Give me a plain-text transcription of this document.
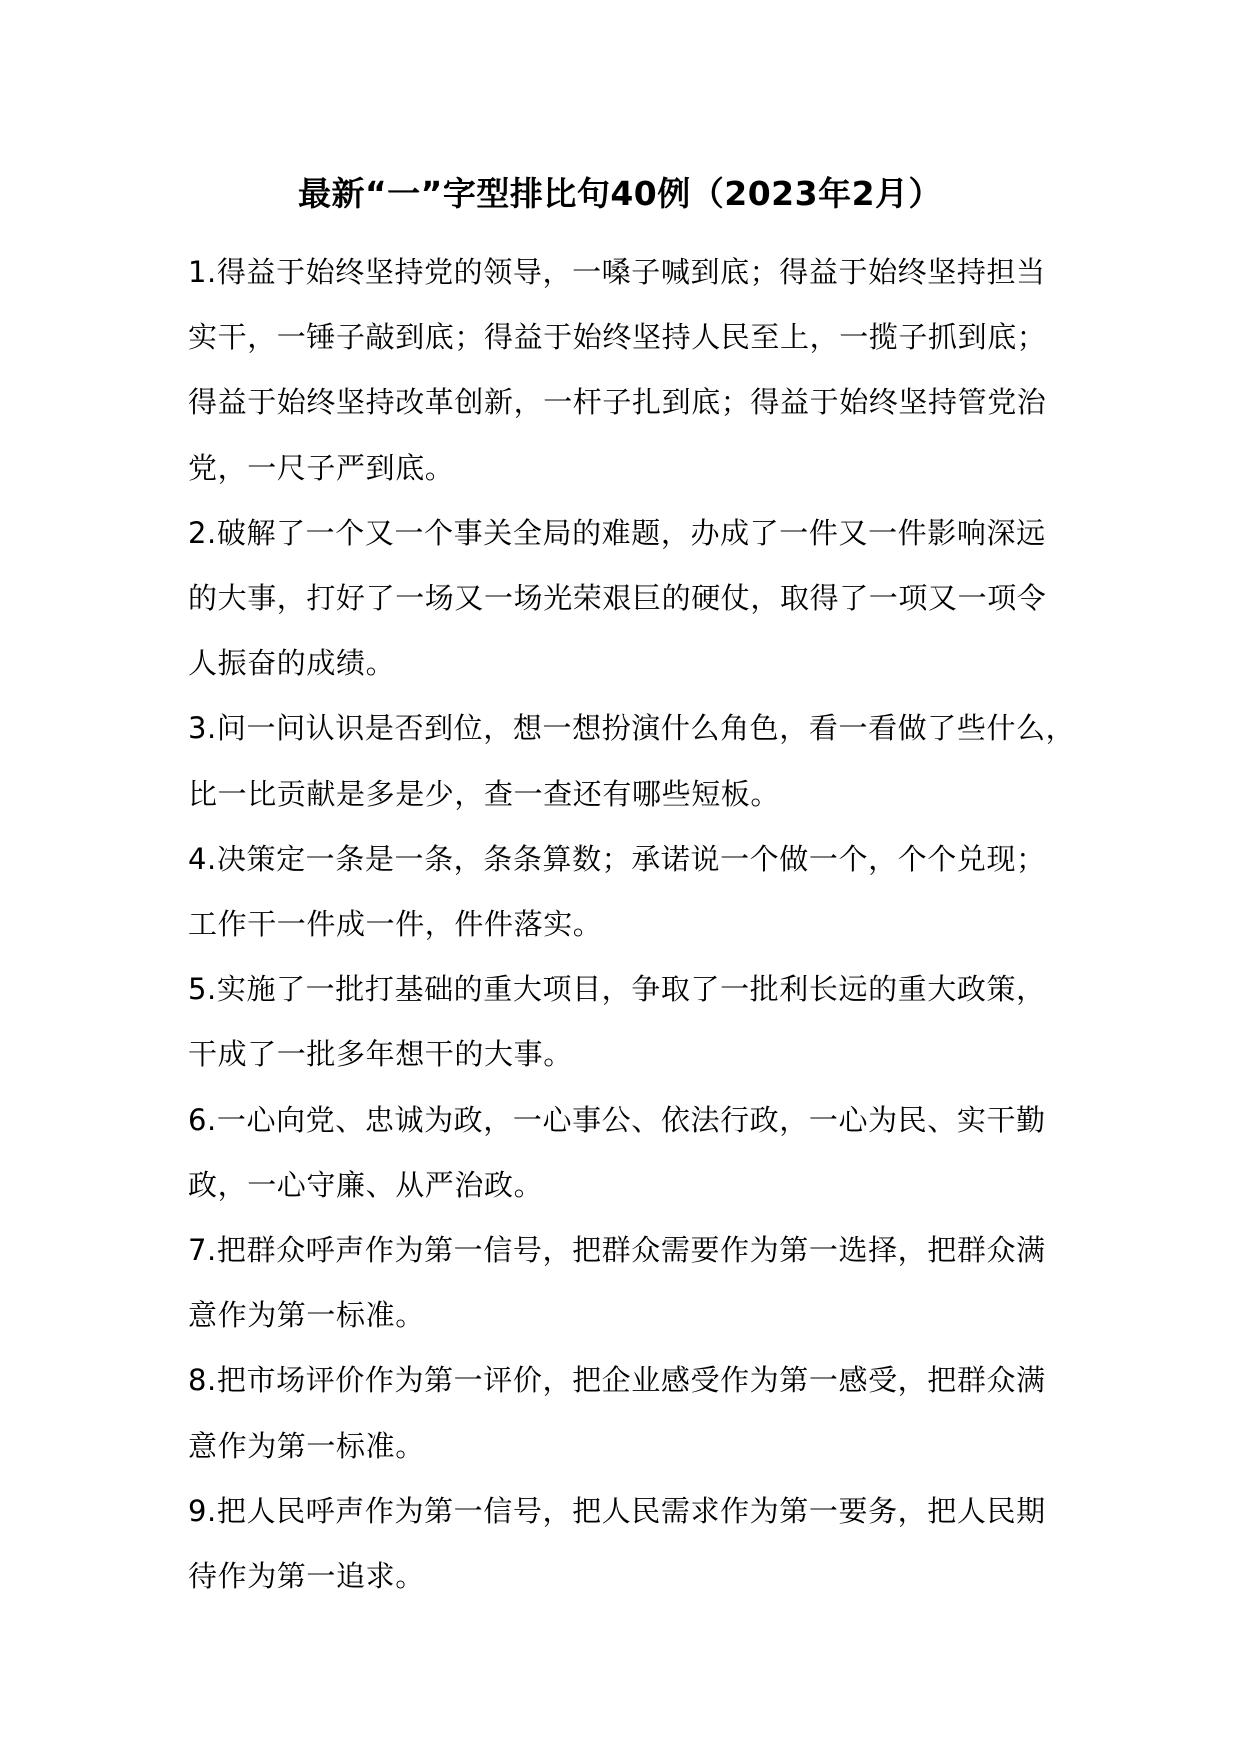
最新“一”字型排比句40例（2023年2月）

1.得益于始终坚持党的领导，一嗓子喊到底；得益于始终坚持担当
实干，一锤子敲到底；得益于始终坚持人民至上，一揽子抓到底；
得益于始终坚持改革创新，一杆子扎到底；得益于始终坚持管党治
党，一尺子严到底。

2.破解了一个又一个事关全局的难题，办成了一件又一件影响深远
的大事，打好了一场又一场光荣艰巨的硬仗，取得了一项又一项令
人振奋的成绩。

3.问一问认识是否到位，想一想扮演什么角色，看一看做了些什么，
比一比贡献是多是少，查一查还有哪些短板。

4.决策定一条是一条，条条算数；承诺说一个做一个，个个兑现；
工作干一件成一件，件件落实。

5.实施了一批打基础的重大项目，争取了一批利长远的重大政策，
干成了一批多年想干的大事。

6.一心向党、忠诚为政，一心事公、依法行政，一心为民、实干勤
政，一心守廉、从严治政。

7.把群众呼声作为第一信号，把群众需要作为第一选择，把群众满
意作为第一标准。

8.把市场评价作为第一评价，把企业感受作为第一感受，把群众满
意作为第一标准。

9.把人民呼声作为第一信号，把人民需求作为第一要务，把人民期
待作为第一追求。
